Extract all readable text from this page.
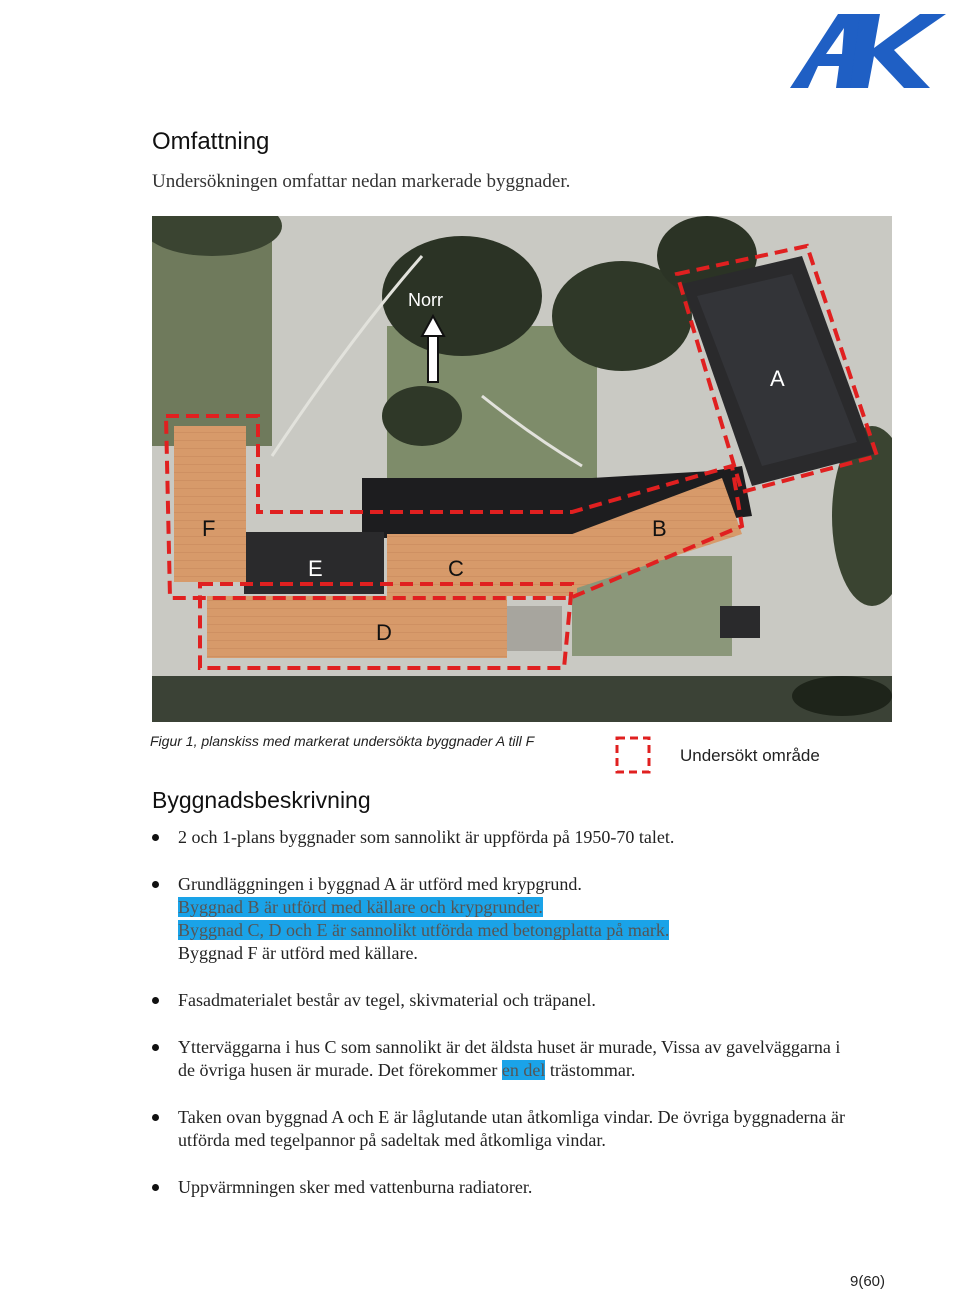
Omfattning
Undersökningen omfattar nedan markerade byggnader.
Norr
A
B
C
D
E
F
Figur 1, planskiss med markerat undersökta byggnader A till F
Undersökt område
Byggnadsbeskrivning
2 och 1-plans byggnader som sannolikt är uppförda på 1950-70 talet.
Grundläggningen i byggnad A är utförd med krypgrund.
Byggnad B är utförd med källare och krypgrunder.
Byggnad C, D och E är sannolikt utförda med betongplatta på mark.
Byggnad F är utförd med källare.
Fasadmaterialet består av tegel, skivmaterial och träpanel.
Ytterväggarna i hus C som sannolikt är det äldsta huset är murade, Vissa av gavelväggarna i de övriga husen är murade. Det förekommer en del trästommar.
Taken ovan byggnad A och E är låglutande utan åtkomliga vindar. De övriga byggnaderna är utförda med tegelpannor på sadeltak med åtkomliga vindar.
Uppvärmningen sker med vattenburna radiatorer.
9(60)
